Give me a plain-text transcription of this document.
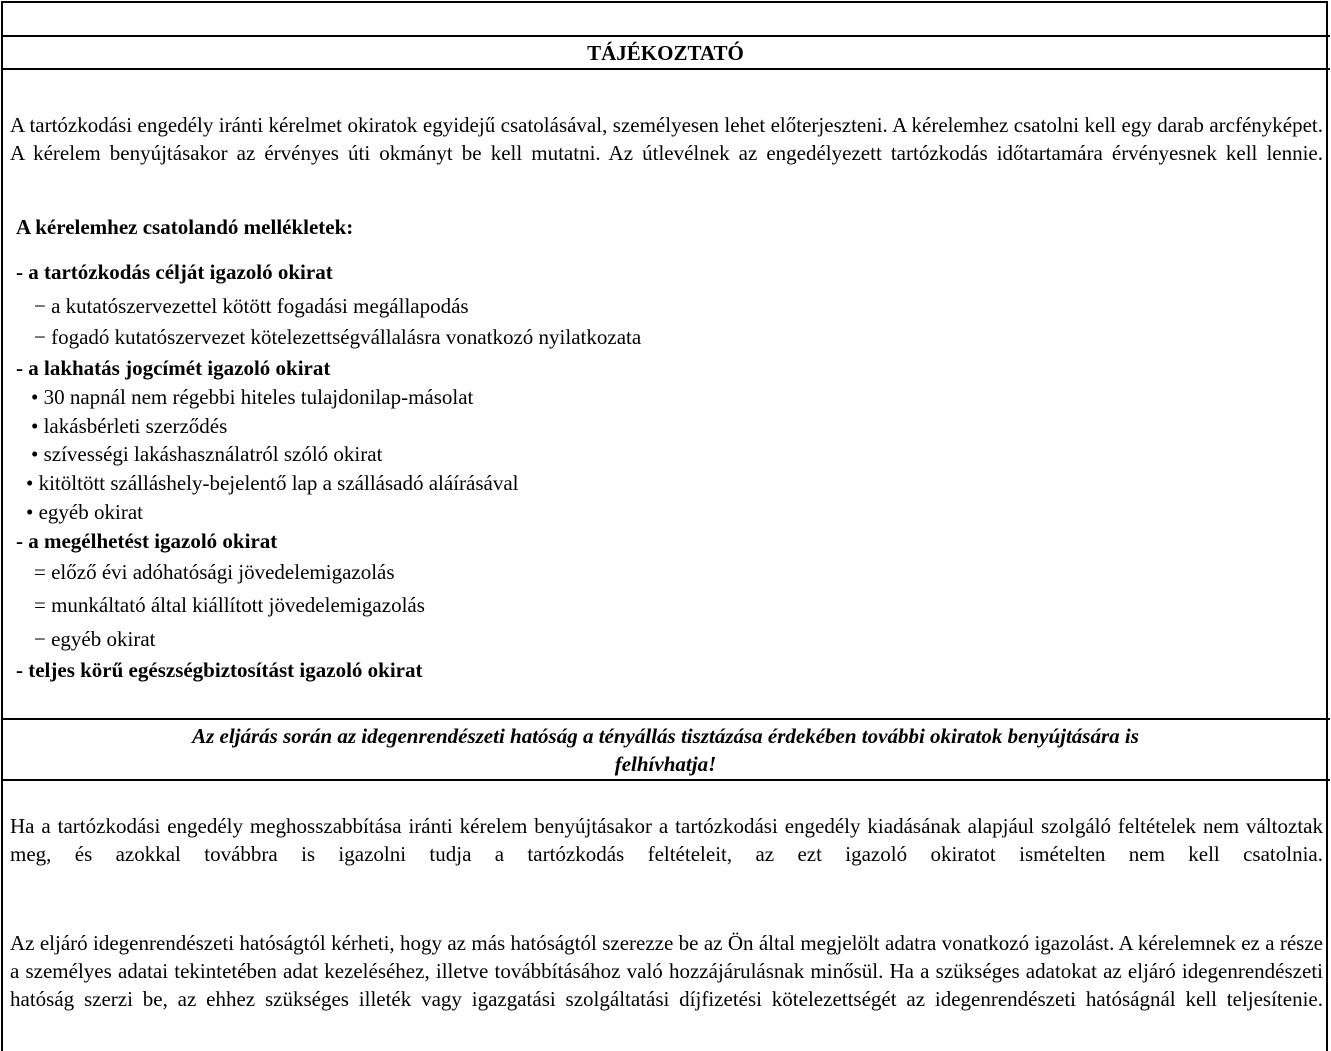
TÁJÉKOZTATÓ

A tartózkodási engedély iránti kérelmet okiratok egyidejű csatolásával, személyesen lehet előterjeszteni. A kérelemhez csatolni kell egy darab arcfényképet. A kérelem benyújtásakor az érvényes úti okmányt be kell mutatni. Az útlevélnek az engedélyezett tartózkodás időtartamára érvényesnek kell lennie.

A kérelemhez csatolandó mellékletek:
- a tartózkodás célját igazoló okirat
− a kutatószervezettel kötött fogadási megállapodás
− fogadó kutatószervezet kötelezettségvállalásra vonatkozó nyilatkozata
- a lakhatás jogcímét igazoló okirat
• 30 napnál nem régebbi hiteles tulajdonilap-másolat
• lakásbérleti szerződés
• szívességi lakáshasználatról szóló okirat
• kitöltött szálláshely-bejelentő lap a szállásadó aláírásával
• egyéb okirat
- a megélhetést igazoló okirat
= előző évi adóhatósági jövedelemigazolás
= munkáltató által kiállított jövedelemigazolás
− egyéb okirat
- teljes körű egészségbiztosítást igazoló okirat
Az eljárás során az idegenrendészeti hatóság a tényállás tisztázása érdekében további okiratok benyújtására is
felhívhatja!

Ha a tartózkodási engedély meghosszabbítása iránti kérelem benyújtásakor a tartózkodási engedély kiadásának alapjául szolgáló feltételek nem változtak meg, és azokkal továbbra is igazolni tudja a tartózkodás feltételeit, az ezt igazoló okiratot ismételten nem kell csatolnia.

Az eljáró idegenrendészeti hatóságtól kérheti, hogy az más hatóságtól szerezze be az Ön által megjelölt adatra vonatkozó igazolást. A kérelemnek ez a része a személyes adatai tekintetében adat kezeléséhez, illetve továbbításához való hozzájárulásnak minősül. Ha a szükséges adatokat az eljáró idegenrendészeti hatóság szerzi be, az ehhez szükséges illeték vagy igazgatási szolgáltatási díjfizetési kötelezettségét az idegenrendészeti hatóságnál kell teljesítenie.
